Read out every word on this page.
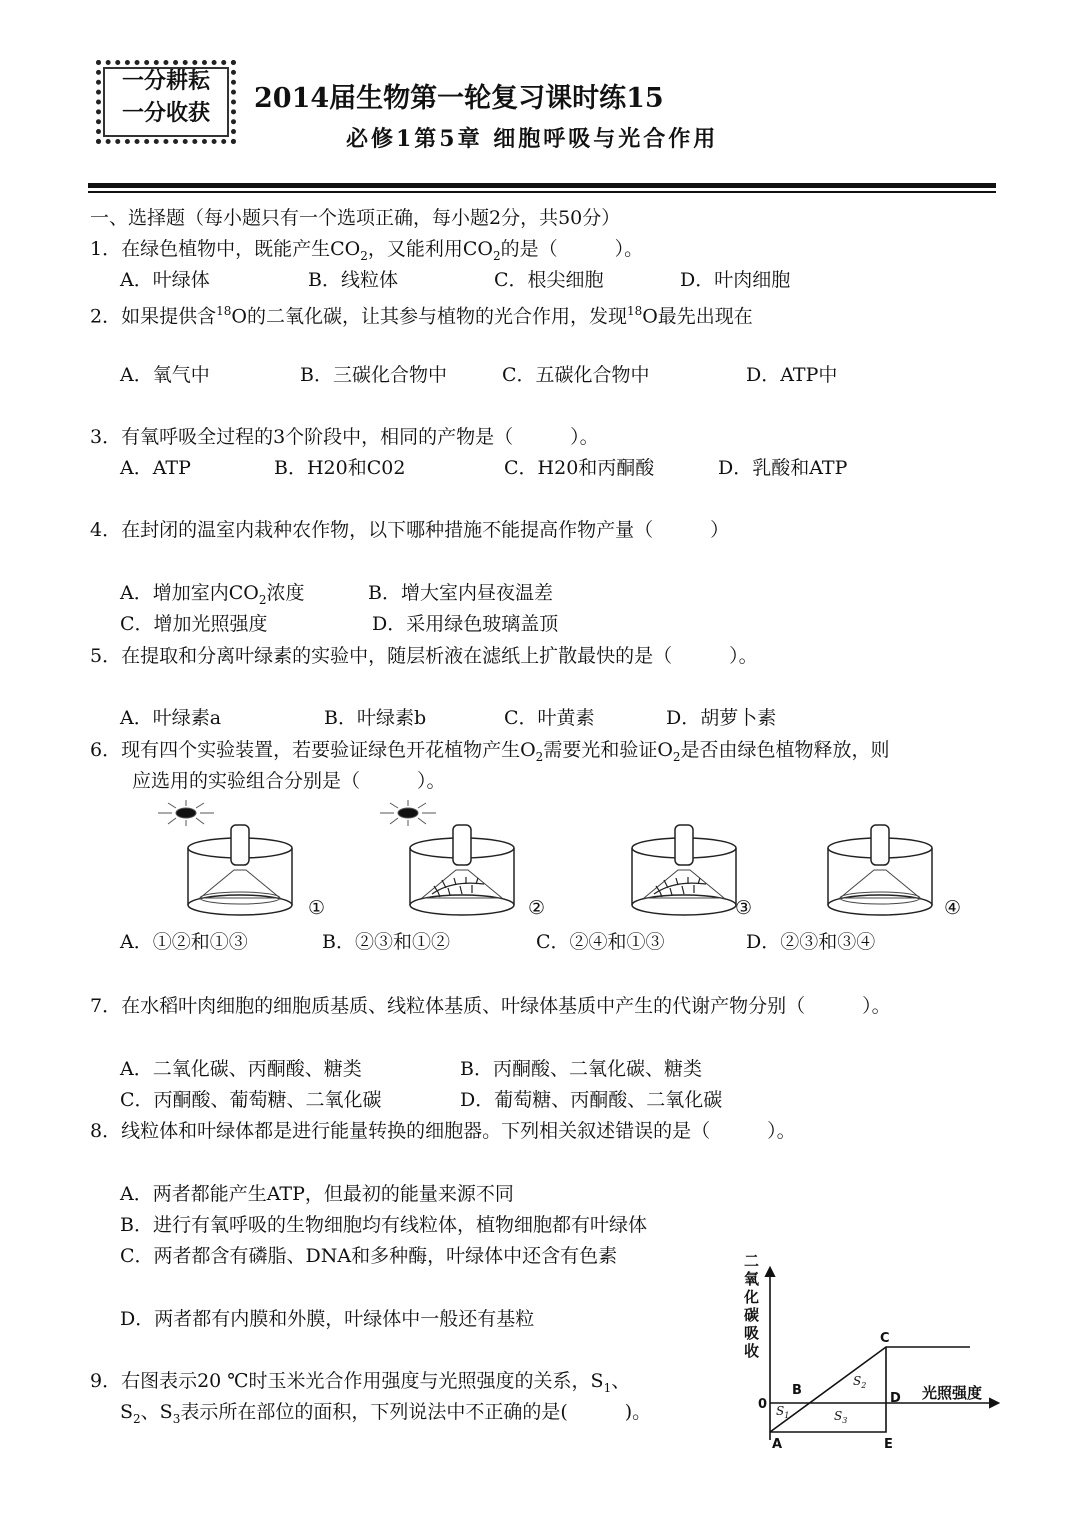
一分耕耘
一分收获	2014届生物第一轮复习课时练15
必修1第5章 细胞呼吸与光合作用
一、选择题（每小题只有一个选项正确，每小题2分，共50分）
1．在绿色植物中，既能产生$CO_2$，又能利用$CO_2$的是（　　　）。
A．叶绿体	B．线粒体	C．根尖细胞	D．叶肉细胞
2．如果提供含$^{18}$O的二氧化碳，让其参与植物的光合作用，发现$^{18}$O最先出现在
A．氧气中	B．三碳化合物中	C．五碳化合物中	D．ATP中
3．有氧呼吸全过程的3个阶段中，相同的产物是（　　　）。
A．ATP	B．H20和C02	C．H20和丙酮酸	D．乳酸和ATP
4．在封闭的温室内栽种农作物，以下哪种措施不能提高作物产量（　　　）
A．增加室内$CO_2$浓度	B．增大室内昼夜温差
C．增加光照强度	D．采用绿色玻璃盖顶
5．在提取和分离叶绿素的实验中，随层析液在滤纸上扩散最快的是（　　　）。
A．叶绿素a	B．叶绿素b	C．叶黄素	D．胡萝卜素
6．现有四个实验装置，若要验证绿色开花植物产生$O_2$需要光和验证$O_2$是否由绿色植物释放，则
应选用的实验组合分别是（　　　）。
①	②	③	④
A．①②和①③	B．②③和①②	C．②④和①③	D．②③和③④
7．在水稻叶肉细胞的细胞质基质、线粒体基质、叶绿体基质中产生的代谢产物分别（　　　）。
A．二氧化碳、丙酮酸、糖类	B．丙酮酸、二氧化碳、糖类
C．丙酮酸、葡萄糖、二氧化碳	D．葡萄糖、丙酮酸、二氧化碳
8．线粒体和叶绿体都是进行能量转换的细胞器。下列相关叙述错误的是（　　　）。
A．两者都能产生ATP，但最初的能量来源不同
B．进行有氧呼吸的生物细胞均有线粒体，植物细胞都有叶绿体
C．两者都含有磷脂、DNA和多种酶，叶绿体中还含有色素
D．两者都有内膜和外膜，叶绿体中一般还有基粒
9．右图表示20 ℃时玉米光合作用强度与光照强度的关系，$S_1$、
$S_2$、$S_3$表示所在部位的面积，下列说法中不正确的是(　　　)。	0
A
B
C
D
E
$S_1$
$S_2$
$S_3$
二
氧
化
碳
吸
收
光照强度
